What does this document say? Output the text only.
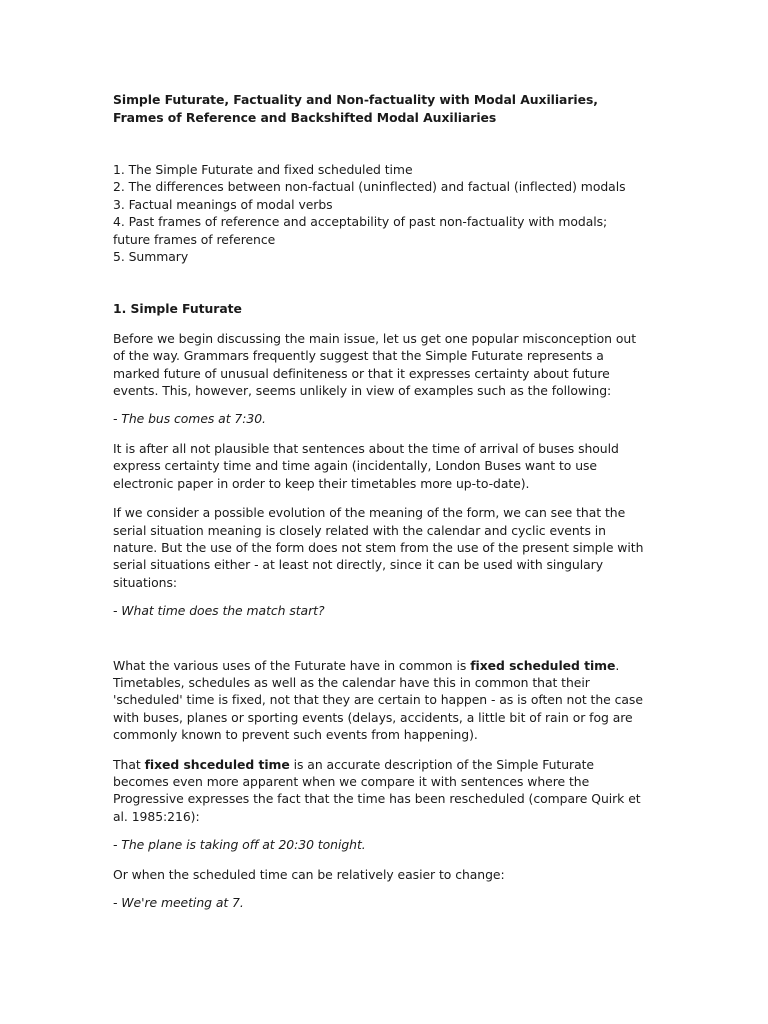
Simple Futurate, Factuality and Non-factuality with Modal Auxiliaries,
Frames of Reference and Backshifted Modal Auxiliaries
1. The Simple Futurate and fixed scheduled time
2. The differences between non-factual (uninflected) and factual (inflected) modals
3. Factual meanings of modal verbs
4. Past frames of reference and acceptability of past non-factuality with modals;
future frames of reference
5. Summary
1. Simple Futurate

Before we begin discussing the main issue, let us get one popular misconception out
of the way. Grammars frequently suggest that the Simple Futurate represents a
marked future of unusual definiteness or that it expresses certainty about future
events. This, however, seems unlikely in view of examples such as the following:

- The bus comes at 7:30.

It is after all not plausible that sentences about the time of arrival of buses should
express certainty time and time again (incidentally, London Buses want to use
electronic paper in order to keep their timetables more up-to-date).

If we consider a possible evolution of the meaning of the form, we can see that the
serial situation meaning is closely related with the calendar and cyclic events in
nature. But the use of the form does not stem from the use of the present simple with
serial situations either - at least not directly, since it can be used with singulary
situations:

- What time does the match start?

What the various uses of the Futurate have in common is fixed scheduled time.
Timetables, schedules as well as the calendar have this in common that their
'scheduled' time is fixed, not that they are certain to happen - as is often not the case
with buses, planes or sporting events (delays, accidents, a little bit of rain or fog are
commonly known to prevent such events from happening).

That fixed shceduled time is an accurate description of the Simple Futurate
becomes even more apparent when we compare it with sentences where the
Progressive expresses the fact that the time has been rescheduled (compare Quirk et
al. 1985:216):

- The plane is taking off at 20:30 tonight.

Or when the scheduled time can be relatively easier to change:

- We're meeting at 7.
